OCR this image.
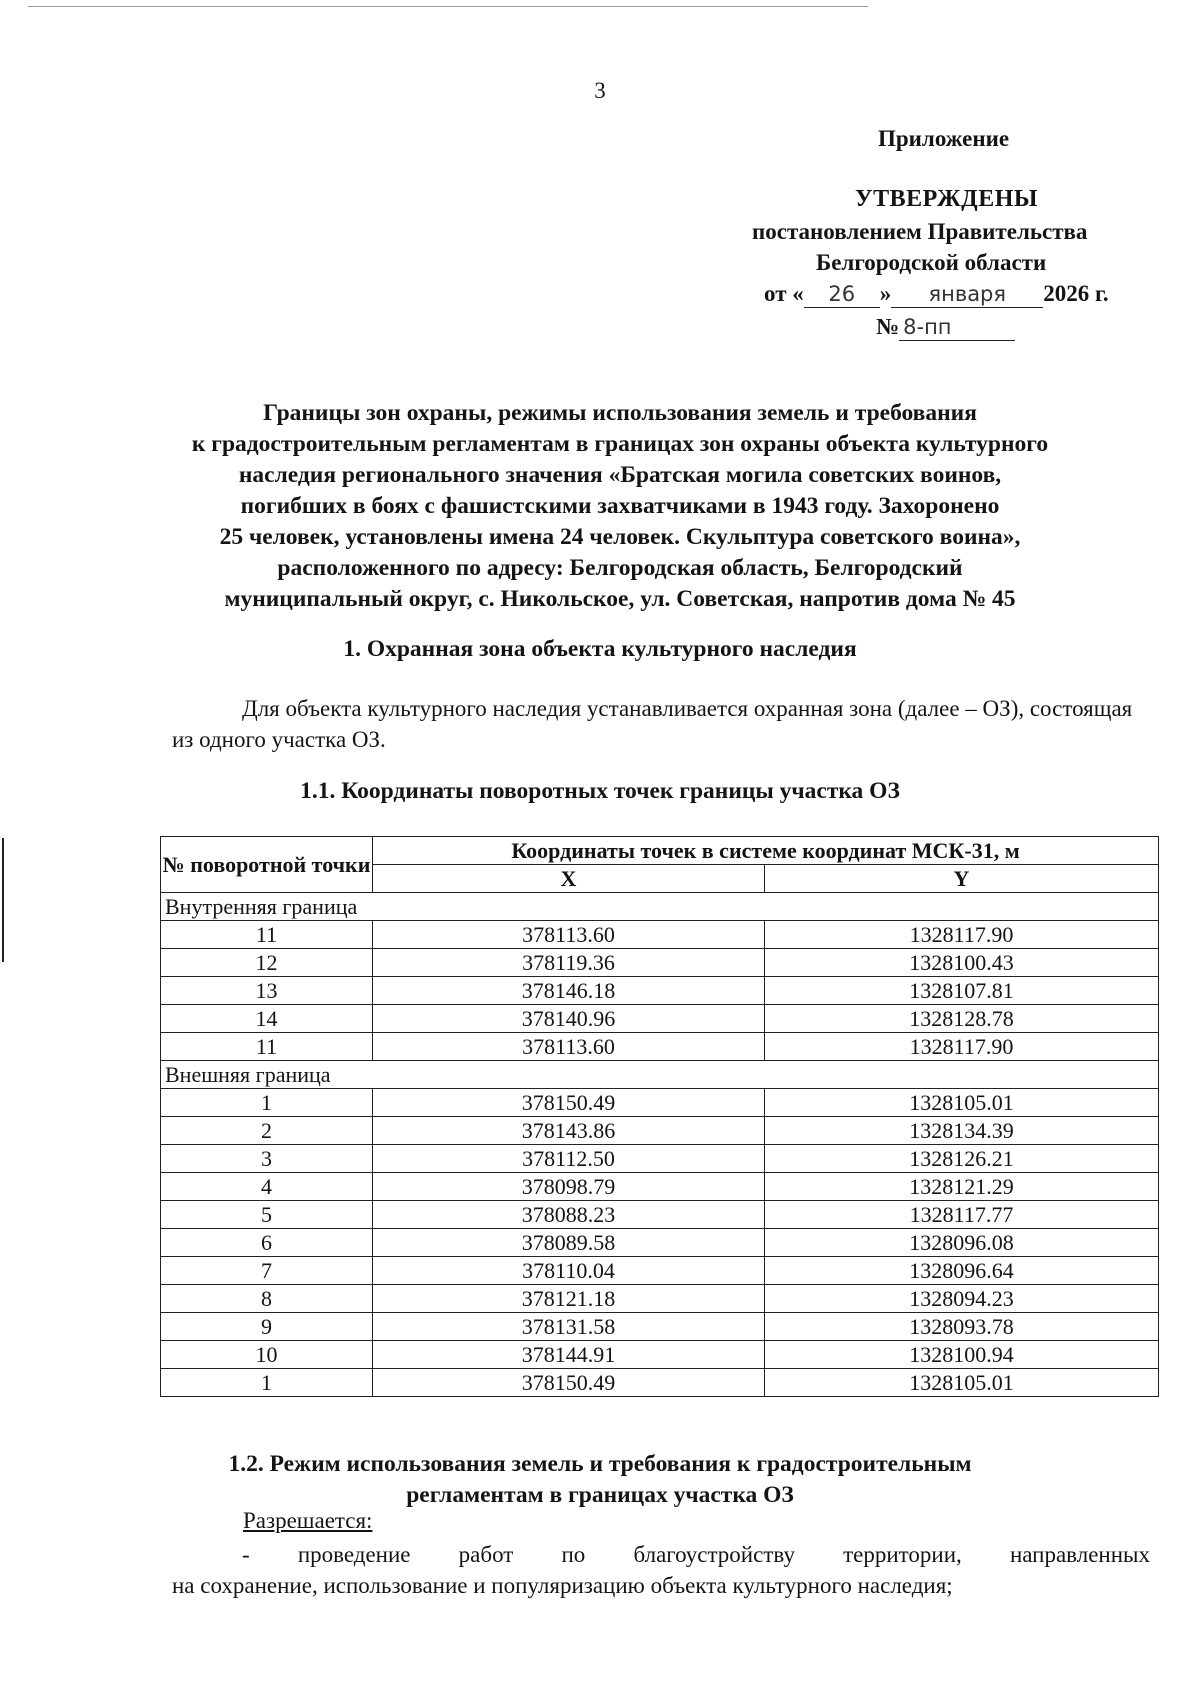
3
Приложение
УТВЕРЖДЕНЫ
постановлением Правительства
Белгородской области
от « 26 » января 2026 г.
№ 8-пп
Границы зон охраны, режимы использования земель и требования
к градостроительным регламентам в границах зон охраны объекта культурного
наследия регионального значения «Братская могила советских воинов,
погибших в боях с фашистскими захватчиками в 1943 году. Захоронено
25 человек, установлены имена 24 человек. Скульптура советского воина»,
расположенного по адресу: Белгородская область, Белгородский
муниципальный округ, с. Никольское, ул. Советская, напротив дома № 45
1. Охранная зона объекта культурного наследия

Для объекта культурного наследия устанавливается охранная зона (далее – ОЗ), состоящая из одного участка ОЗ.

1.1. Координаты поворотных точек границы участка ОЗ
№ поворотной точки	Координаты точек в системе координат МСК-31, м	
	X	Y
Внутренняя граница		
11	378113.60	1328117.90
12	378119.36	1328100.43
13	378146.18	1328107.81
14	378140.96	1328128.78
11	378113.60	1328117.90
Внешняя граница		
1	378150.49	1328105.01
2	378143.86	1328134.39
3	378112.50	1328126.21
4	378098.79	1328121.29
5	378088.23	1328117.77
6	378089.58	1328096.08
7	378110.04	1328096.64
8	378121.18	1328094.23
9	378131.58	1328093.78
10	378144.91	1328100.94
1	378150.49	1328105.01
1.2. Режим использования земель и требования к градостроительным
регламентам в границах участка ОЗ
Разрешается:

- проведение работ по благоустройству территории, направленных
на сохранение, использование и популяризацию объекта культурного наследия;
